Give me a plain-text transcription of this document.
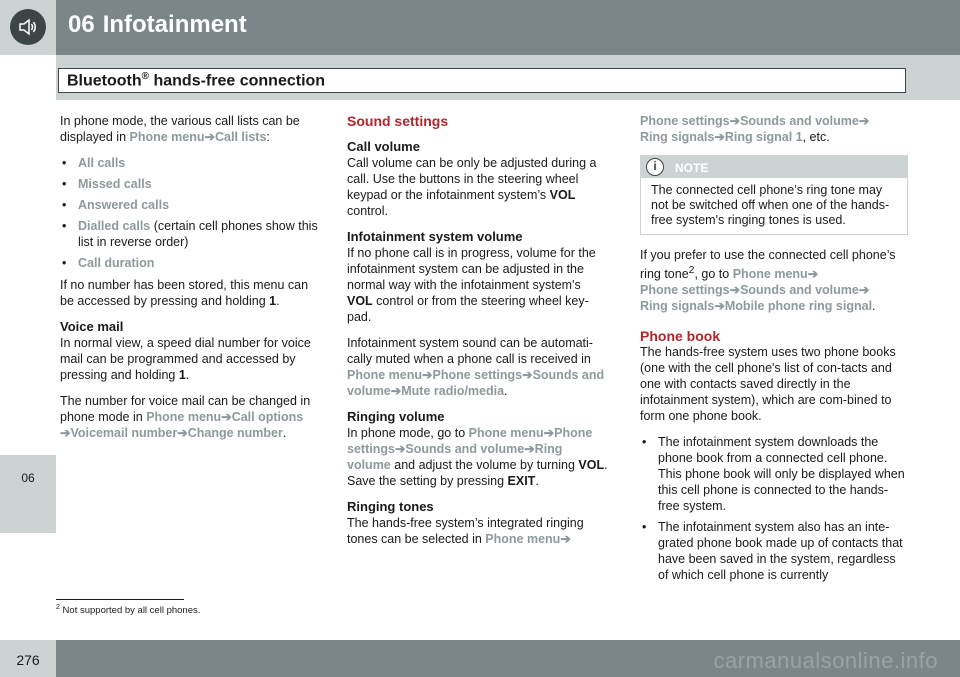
06 Infotainment
Bluetooth® hands-free connection
06

In phone mode, the various call lists can be displayed in Phone menu➔Call lists:

• All calls
• Missed calls
• Answered calls
• Dialled calls (certain cell phones show this list in reverse order)
• Call duration

If no number has been stored, this menu can be accessed by pressing and holding 1.

Voice mail

In normal view, a speed dial number for voice mail can be programmed and accessed by pressing and holding 1.

The number for voice mail can be changed in phone mode in Phone menu➔Call options
➔Voicemail number➔Change number.

Sound settings
Call volume

Call volume can be only be adjusted during a call. Use the buttons in the steering wheel keypad or the infotainment system’s VOL control.

Infotainment system volume

If no phone call is in progress, volume for the infotainment system can be adjusted in the normal way with the infotainment system's VOL control or from the steering wheel key-pad.

Infotainment system sound can be automati-cally muted when a phone call is received in Phone menu➔Phone settings➔Sounds and volume➔Mute radio/media.

Ringing volume

In phone mode, go to Phone menu➔Phone settings➔Sounds and volume➔Ring volume and adjust the volume by turning VOL. Save the setting by pressing EXIT.

Ringing tones

The hands-free system’s integrated ringing tones can be selected in Phone menu➔

Phone settings➔Sounds and volume➔
Ring signals➔Ring signal 1, etc.

i	NOTE
The connected cell phone’s ring tone may not be switched off when one of the hands-free system's ringing tones is used.

If you prefer to use the connected cell phone’s ring tone$^2$, go to Phone menu➔
Phone settings➔Sounds and volume➔
Ring signals➔Mobile phone ring signal.

Phone book

The hands-free system uses two phone books (one with the cell phone's list of con-tacts and one with contacts saved directly in the infotainment system), which are com-bined to form one phone book.

• The infotainment system downloads the phone book from a connected cell phone. This phone book will only be displayed when this cell phone is connected to the hands-free system.
• The infotainment system also has an inte-grated phone book made up of contacts that have been saved in the system, regardless of which cell phone is currently
$^2$ Not supported by all cell phones.
276	carmanualsonline.info
